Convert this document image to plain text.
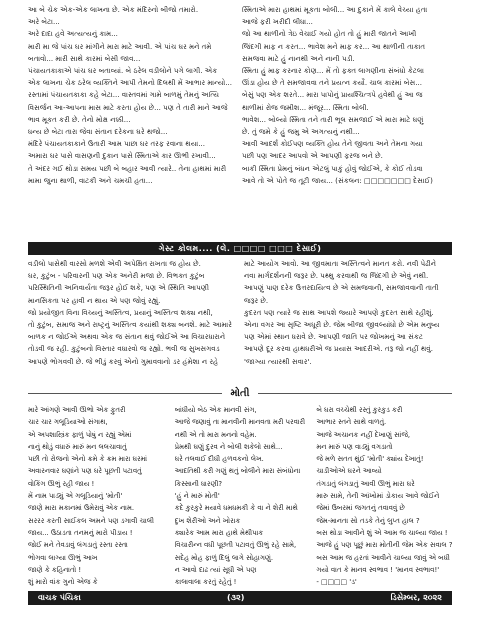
આ બે ચેક એક-એક લાખના છે. એક મંદિરનો બીજો તમારો.
અરે બેટા...
અરે દાદા હવે અત્યત્યનું કામ...
મારી મા જે પાંચ ઘર માંગીને મારા માટે આવી. એ પાંચ ઘર મને તમે
બતાવો... મારી સાથે કારમાં બેસી જાવ...
પંચાયતકાકાએ પાંચ ઘર બતાવ્યાં. બે ઠરેલ વડીલોને પગે લાગી. એક
એક લાખના ચેક ઠરેલ વ્યક્તિને આપી તેમનો દિલથી મેં આભાર માન્યો...
રસ્તામાં પંચાયતકાકા કહે બેટા... વાસ્તવમાં ગામે બાળમું તેમનું અત્યિ
વિસર્જન આ-આપના માસ માટે કરતા હોય છે... પણ તે તારી માને આજે
ભાવ મૂકત કરી છે. તેનો મોક્ષ નક્કી...
ધન્ય છે બેટા તારા જેવા સંતાન દરેકના ઘરે થજો...
મંદિરે પંચાયતકાકાને ઉતારી આમ પાછા ઘર તરફ રવાના થયા...
અમારા ઘર પાસે વાસણની દુકાન પાસે સ્મિતાએ કાર ઊભી રખાવી...
તે અંદર ગઈ થોડા સમય પછી બે બહાર આવી ત્યારે.. તેના હાથમાં મારી
મામા જુના થાળી, વાટકી અને ચમચી હતા...
સ્મિતાએ મારા હાથમાં મૂકતા બોલી... આ દુકાને મેં કાલે વેચ્યા હતા
આજે ફરી ખરીદી લીધા...
જો આ થાળીનો ત્રેઇ વેચાઈ ગયો હોત તો હું મારી જાતને આખી
જિંદગી માફ ન કરત... ભાવેશ મને માફ કર... આ થાળીની તાકાત
સમજવા માટે હું નાનથી અને નાની પડી.
સ્મિતા હું માફ કરનાર કોણ... મેં તો ફક્ત લાગણીના સંબંધો કેટલા
ઊંડા હોય છે તે સમજાવવા તને પ્રયત્ન કર્યો. ચાલ કારમાં બેસ...
બેસું પણ એક શરતે... મારા પાપોનું પ્રાયશ્ચિત્ત્રપે હવેથી હું આ જ
થાળીમાં રોજ જમીશ... મંજૂર... સ્મિતા બોલી.
ભાવેશ... બોલ્યો સ્મિતા તને તારી ભૂલ સમજાઈ એ મારા માટે ઘણું
છે. તું જમે કે હું જમુ એ અગત્યનું નથી...
આવી આદર્શ કોઈપણ વ્યક્તિ હોય તેને જીવતા અને તેમના ગયા
પછી પણ આદર આપવો એ આપણી ફરજ બને છે.
બાકી સ્મિતા પ્રેમનું બંધન એટલું પાકું હોવું જોઈએ, કે કોઈ તોડવા
આવે તો એ પોતે જ તૂટી જાય... (સંકલન: □□□□□□□ દેસાઈ)
ગેસ્ટ કોલમ.... (લે. □□□□ □□□ દેસાઈ)
વડીલો પાસેથી વારસો મળશે એવી અપેક્ષિત રાખતા જ હોય છે.
ઘર, કુટુંબ - પરિવારની પણ એક અનેરી મજા છે. વિભક્ત કુટુંબ
પરિસ્થિતિની અનિવાર્યતા જરૂર હોઈ શકે, પણ એ સ્થિતિ આપણી
માનસિકતા પર હાવી ન થાય એ પણ જોવું રહ્યું.
જો પ્રયોજીત વિના વિચ્યનું અસ્તિત્વ, પ્રયાનું અસ્તિત્વ શક્ય નથી,
તો કુટુંબ, સમાજ અને રાષ્ટ્રનું અસ્તિત્વ કયાંથી શક્ય બનશે. માટે આમારે
બાળક ન જોઈએ અથવા એક જ સંતાન થવું જોઈએ આ વિચારધારાને
તોડવી જ રહી. કુટુંબનો વિસ્તાર વધારવો જ રહ્યો. ભવી જ સુખસગવડ
આપણે ભોગવવી છે. જે ભીડું કરવું એનો ગુમાવવાનો ડર હંમેશા ન રહે
માટે આયોગ આવો. આ જીવમાતા અસ્તિત્વને માનત કરો. નવી પેઢીને
નવા માર્ગદર્શનની જરૂર છે. પથ્થુ કરવાથી જ જિંદગી છે એવું નથી.
આપણું પાણ દરેક ઉત્તરદાયિત્વ છે એ સમજવાની, સમજાવવાની તાતી
જરૂર છે.
કુદરત પણ ત્યારે જ સાથ આપશે જ્યારે આપણે કુદરત સાથે રહીશું.
એના વગર આ સૃષ્ટિ અધૂરી છે. જેમ બીજા જીવલ્યાંધો છે એમ મનુષ્ય
પણ એમાં સ્થાન ધરાવે છે. આપણી જાતિ પર જોખમનું આ સંકટ
આપણે દૂર કરવા હાથધરીએ જ પ્રયાસ આદરીએ. તરૂ જો નહીં થવું.
'જાગ્યા ત્યારથી સવાર'.
મોતી
મારે આંગણે આવી ઊભો એક ફુતરી
ચાર ચાર ગલૂડિયાઓ સંગાથ,
એ અપશાસ્ત્રિંક ફાળું પોષું ન રહ્યું એમાં
નાનું થોડું વધારું મારું મન લલચાવાતું
પછી તો રોજનો એનો ક્રમે કે ક્રમ મારા ઘરમાં
અવારનવાર ઘણાંને પણ ઘરે પૂછતી પટાવતું
વોકિંગ ઊભું રહી જાય !
મેં નામ પાડ્યું એ ગલૂડિયાનું 'મોતી'
જાણે મારા મકાનમાં ઉમેરાવું એક નામ.
સરરર કરતી સાઈકલ અમને પણ ડગાવી ચાલી
જાય... ઉઠાડતા તનમનું મારો પીડાય !
જોઈ મને તેવડાવું લંગડાતું રસ્તા રસ્તા
ભોગવા લાગ્યા ઊભું આખ
જાણે કે કહિનાતો !
શું મારો વાંક ગુનો એજ કે
બાંધીયો બેઠ એક માનવી સંગ,
આજે જણાવું તા માનવીની માનવતા મરી પરવારી
નથી એ તો મારા મનનો વહેમ.
પ્રેમથી ઘણું દુરવ ને બોલી શકેલો સાથે...
ઘરે તલવાઈ દીધી હળવકનો લેખ.
આદતિથી કરી ગણું થતું બોલીને મારા સંબંધોના
કિસ્સાની ધારણી?
'હું ને મારું મોતી'
કદે કુરકુરે મયાવે ધમધમકી કે વા ને શેરી માથે
દુખ શેરીઓ અને ખોરાક
ક્યારેક આમ મારા હાથે મેથીપાક
વિચારીન્ન વધી પૂછતી પટાવતું ઊભું રહે સામે,
સદેહ મોહ ફાળું દિલું લાગે સોહાગણું.
ન આવો દાઢ ત્યાં સૂધી એ પણ
કાલાવાલા કરતું રહેતું !
બે ઘરા વચ્ચેથી રસ્તું કુરકુડ કરી
આભાર સ્તને સાથે વાળતું.
આજે અચાનક નહીં દેખાણું સાંજે,
મન મારું પણ વાડ્યું વગડાતો
જે મળે સતત થુંઈ 'મોતી' ક્યાંય દેખાતું!
ચાડીઓએ ઘરને આવ્યો
તંગડાતું લંગડાતું આવી ઊભું મારા ઘરે
મારુ સામે, તેની આંખોમાં ડોકાય આવે જોઈને
જેમાં ઉબરમાં જગતનું તવાવવું છે
જેમ-માનતા સો તડકે તેનું લુપ્ત હાલ ?
બસ થોડા આવીને શું એ આમ જ ચાલ્યા જાય !
આજે હું પણ પૂછું મારા મોતીની જેમ એક સવાલ ?
બસ આમ જ હરતાં આવીને ચાલ્યા જાવું એ બધી
ગયો વાત કે માનવ સ્વભાવ ! 'માનવ સ્વભાવ!'
- □□□□ 'ડ'
વાચક પંચિકા	(૩૨)	ડિસેમ્બર, ૨૦૨૨
